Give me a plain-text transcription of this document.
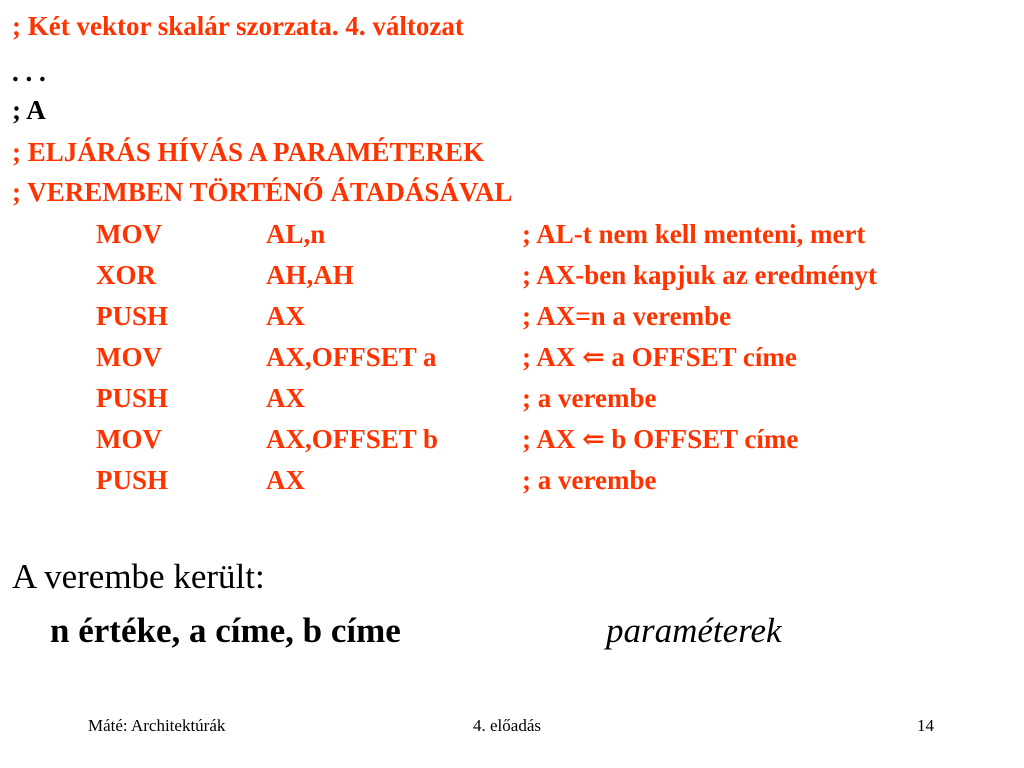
; Két vektor skalár szorzata. 4. változat
. . .
; A
; ELJÁRÁS HÍVÁS A PARAMÉTEREK
; VEREMBEN TÖRTÉNŐ ÁTADÁSÁVAL
MOV	AL,n	; AL-t nem kell menteni, mert
XOR	AH,AH	; AX-ben kapjuk az eredményt
PUSH	AX	; AX=n a verembe
MOV	AX,OFFSET a	; AX ⇐ a OFFSET címe
PUSH	AX	; a verembe
MOV	AX,OFFSET b	; AX ⇐ b OFFSET címe
PUSH	AX	; a verembe
A verembe került:
n értéke, a címe, b címe	paraméterek
Máté: Architektúrák	4. előadás	14
